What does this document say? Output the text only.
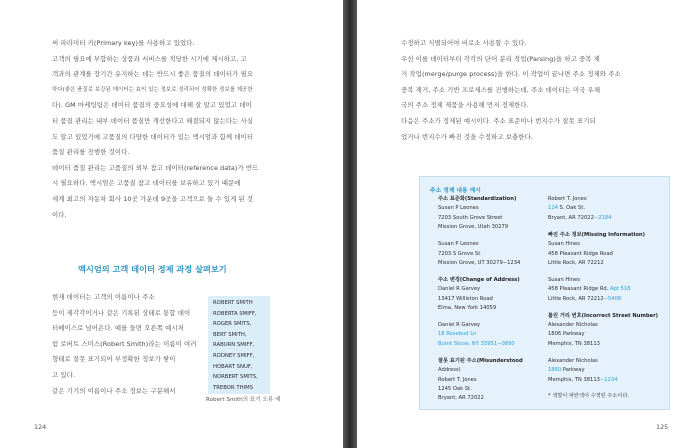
써 파라미터 키(Primary key)를 사용하고 있었다.

고객의 필요에 부합하는 상품과 서비스를 적당한 시기에 제시하고, 고

객과의 관계를 장기간 유지하는 데는 반드시 좋은 품질의 데이터가 필요

하다(좋은 품질로 보강된 데이터는 효익 있는 정보로 정리되어 정확한 정보를 제공한

다). GM 마케팅팀은 데이터 품질의 중요성에 대해 잘 알고 있었고 데이

터 품질 관리는 내부 데이터 품질만 개선한다고 해결되지 않는다는 사실

도 알고 있었기에 고품질의 다양한 데이터가 있는 액시엄과 함께 데이터

품질 관리를 진행한 것이다.

데이터 품질 관리는 고품질의 외부 참고 데이터(reference data)가 반드

시 필요하다. 액시엄은 고품질 참고 데이터를 보유하고 있기 때문에

세계 최고의 자동차 회사 10곳 가운데 9곳을 고객으로 둘 수 있게 된 것

이다.

액시엄의 고객 데이터 정제 과정 살펴보기

현재 데이터는 고객의 이름이나 주소

등이 제각각이거나 같은 기록된 상태로 통합 데이

터베이스로 넘어온다. 예를 들면 오른쪽 예시처

럼 로버트 스미스(Robert Smith)라는 이름이 여러

형태로 잘못 표기되어 부정확한 정보가 쌓이

고 있다.

같은 기기의 이름이나 주소 정보는 구분해서

ROBERT SMITH
ROBERTA SMIFF,
ROGER SMITS,
BERT SMITH,
RABURN SMIFF,
RODNEY SMIFF,
HOBART SNUF,
NORBERT SMITS,
TREBOR THIMS
Robert Smith의 표기 오류 예
124

수정하고 식별되어야 비로소 사용할 수 있다.

우선 이를 데이터부터 각각의 단어 분리 작업(Parsing)을 하고 중복 제

거 작업(merge/purge process)을 한다. 이 작업이 끝나면 주소 정제와 주소

중복 제거, 주소 기반 프로세스를 진행하는데, 주소 데이터는 미국 우체

국의 주소 정제 제품을 사용해 먼저 정제한다.

다음은 주소가 정제된 예시이다. 주소 표준이나 번지수가 잘못 표기되

었거나 번지수가 빠진 것을 수정하고 보충한다.

주소 정제 내용 예시
주소 표준화(Standardization)
Susan P Leones
7203 South Grove Street
Mission Grove, Utah 30279
Susan P Leones
7203 S Grove St
Mission Grove, UT 30279−1234
주소 변경(Change of Address)
Daniel R Garvey
13417 Williston Road
Elma, New York 14059
Daniel R Garvey
18 Rosebud Ln
Burnt Stove, NY 33951−0890
잘못 표기된 주소(Misunderstood
Address)
Robert T. Jones
1245 Oak St.
Bryant, AR 72022
Robert T. Jones
124 S. Oak St.
Bryant, AR 72022−2184
빠진 주소 정보(Missing Information)
Susan Hines
458 Pleasant Ridge Road
Little Rock, AR 72212
Susan Hines
458 Pleasant Ridge Rd. Apt 518
Little Rock, AR 72212−5408
틀린 거리 번호(Incorrect Street Number)
Alexander Nicholas
1806 Parkway
Memphis, TN 38113
Alexander Nicholas
1860 Parkway
Memphis, TN 38113−1234
* 색깔이 파란색이 수정된 주소이다.
125
